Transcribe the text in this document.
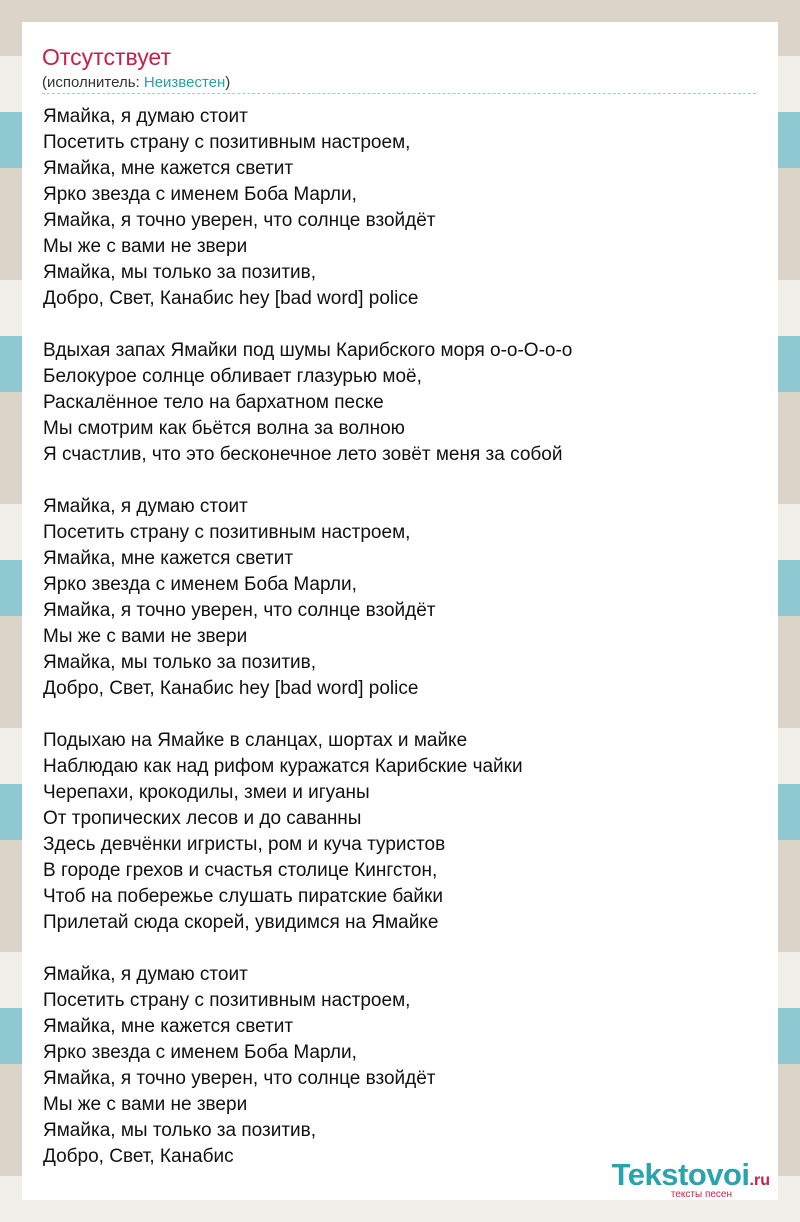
Отсутствует
(исполнитель: Неизвестен)
Ямайка, я думаю стоит
Посетить страну с позитивным настроем,
Ямайка, мне кажется светит
Ярко звезда с именем Боба Марли,
Ямайка, я точно уверен, что солнце взойдёт
Мы же с вами не звери
Ямайка, мы только за позитив,
Добро, Свет, Канабис hey [bad word] police
Вдыхая запах Ямайки под шумы Карибского моря о-о-О-о-о
Белокурое солнце обливает глазурью моё,
Раскалённое тело на бархатном песке
Мы смотрим как бьётся волна за волною
Я счастлив, что это бесконечное лето зовёт меня за собой
Ямайка, я думаю стоит
Посетить страну с позитивным настроем,
Ямайка, мне кажется светит
Ярко звезда с именем Боба Марли,
Ямайка, я точно уверен, что солнце взойдёт
Мы же с вами не звери
Ямайка, мы только за позитив,
Добро, Свет, Канабис hey [bad word] police
Подыхаю на Ямайке в сланцах, шортах и майке
Наблюдаю как над рифом куражатся Карибские чайки
Черепахи, крокодилы, змеи и игуаны
От тропических лесов и до саванны
Здесь девчёнки игристы, ром и куча туристов
В городе грехов и счастья столице Кингстон,
Чтоб на побережье слушать пиратские байки
Прилетай сюда скорей, увидимся на Ямайке
Ямайка, я думаю стоит
Посетить страну с позитивным настроем,
Ямайка, мне кажется светит
Ярко звезда с именем Боба Марли,
Ямайка, я точно уверен, что солнце взойдёт
Мы же с вами не звери
Ямайка, мы только за позитив,
Добро, Свет, Канабис
Tekstovoi.ru
тексты песен
